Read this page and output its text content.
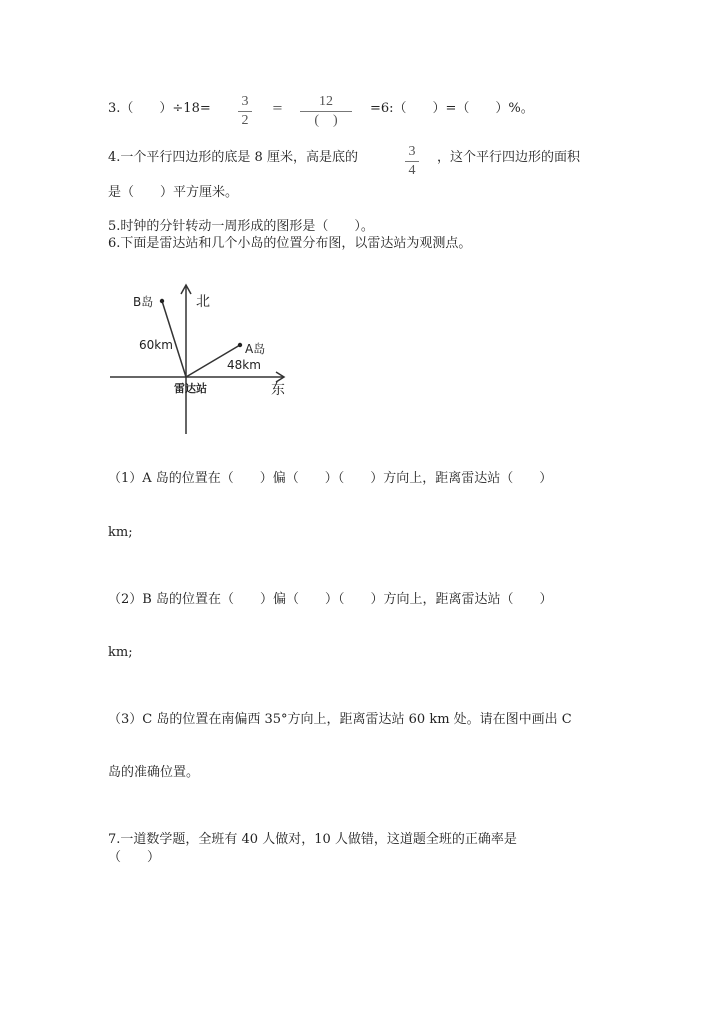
3.（　　）÷18= 3
2
=	12
(　)
=6:（　　）=（　　）%。
4.一个平行四边形的底是 8 厘米，高是底的	3
4
，这个平行四边形的面积
是（　　）平方厘米。
5.时钟的分针转动一周形成的图形是（　　）。
6.下面是雷达站和几个小岛的位置分布图，以雷达站为观测点。
B岛	北
60km	A岛
48km
雷达站	东
（1）A 岛的位置在（　　）偏（　　）（　　）方向上，距离雷达站（　　）
km;
（2）B 岛的位置在（　　）偏（　　）（　　）方向上，距离雷达站（　　）
km;
（3）C 岛的位置在南偏西 35°方向上，距离雷达站 60 km 处。请在图中画出 C
岛的准确位置。
7.一道数学题，全班有 40 人做对，10 人做错，这道题全班的正确率是
（　　）
